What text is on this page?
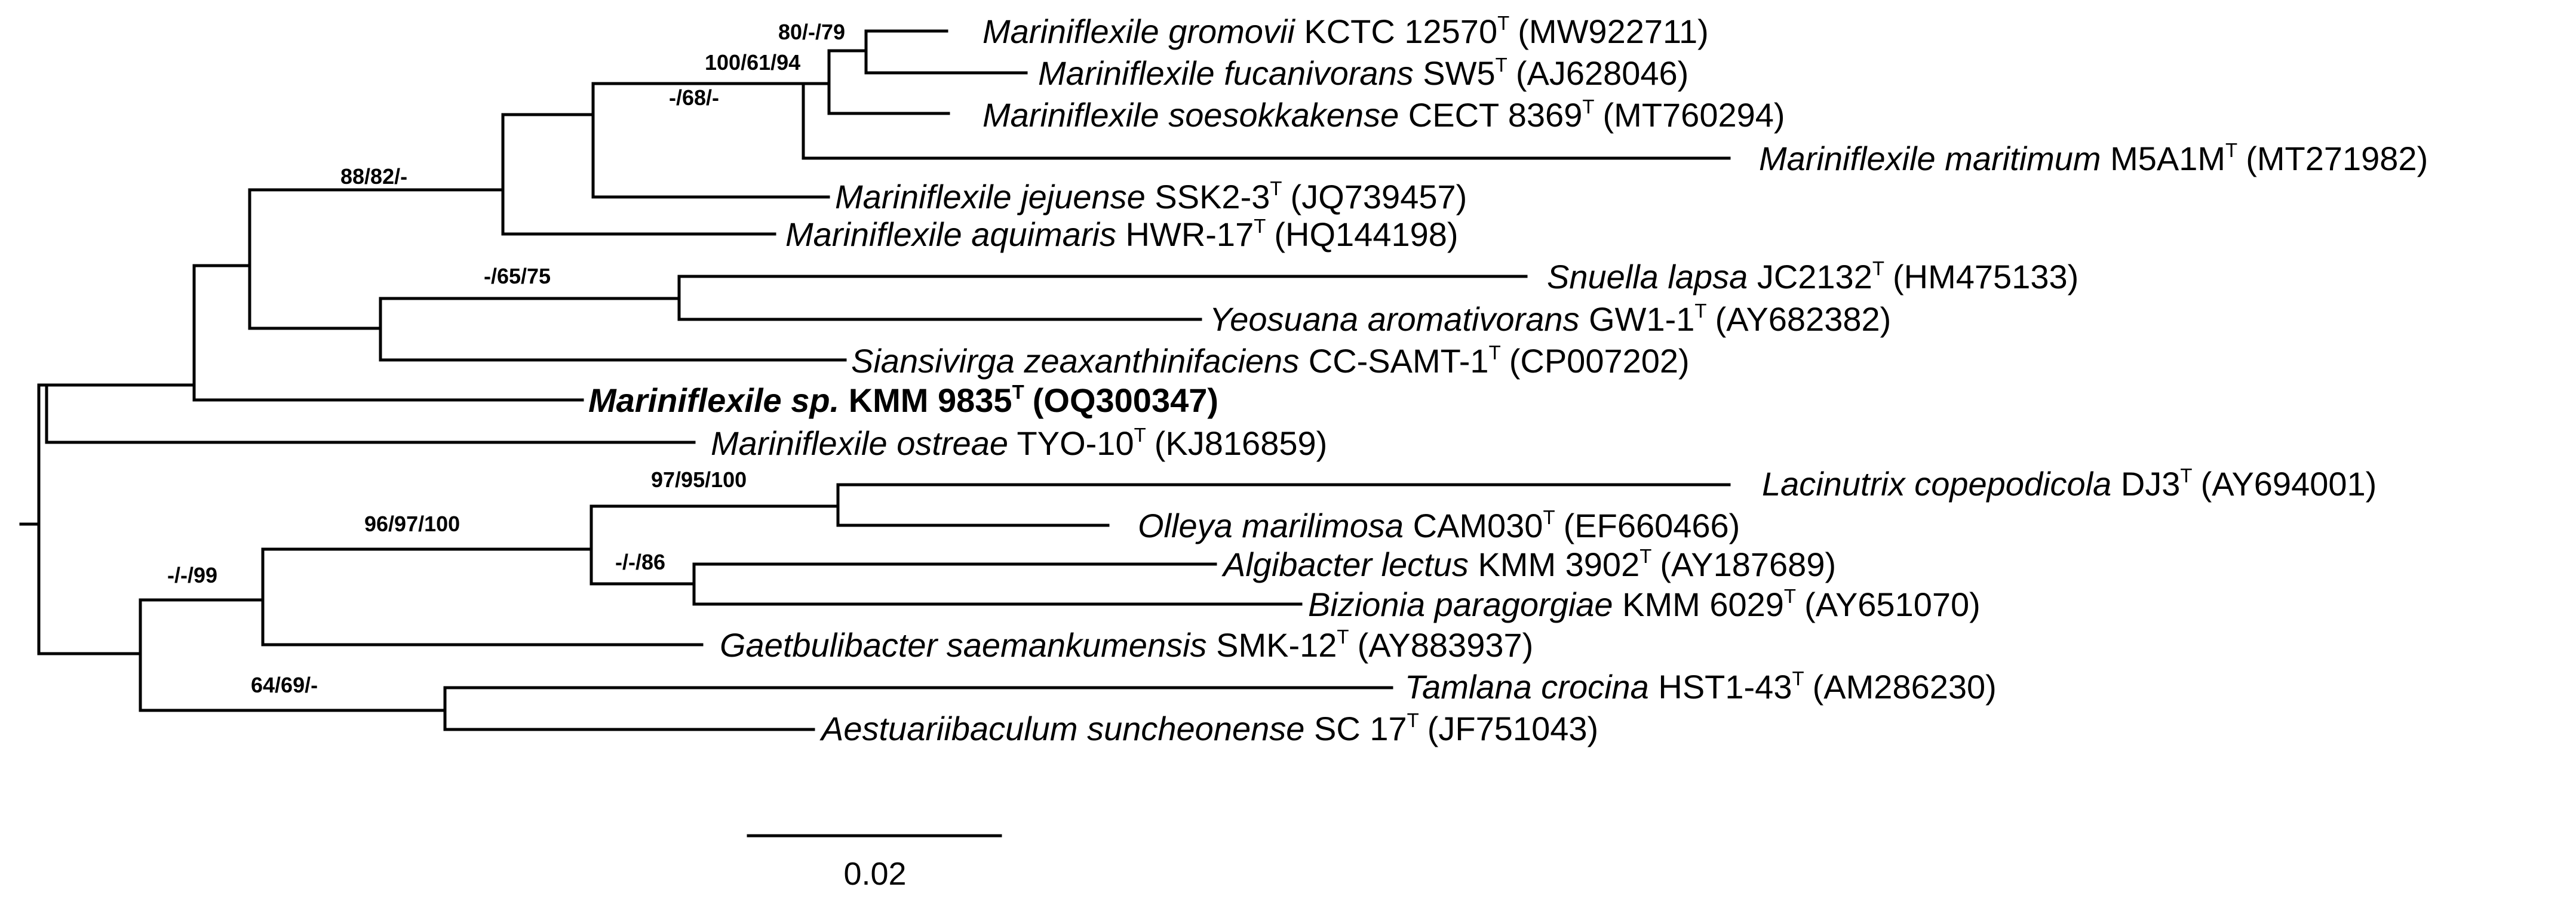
80/-/79
100/61/94
-/68/-
88/82/-
-/65/75
97/95/100
96/97/100
-/-/86
-/-/99
64/69/-
Mariniflexile gromovii KCTC $12570^T$ (MW922711)
Mariniflexile fucanivorans $SW5^T$ (AJ628046)
Mariniflexile soesokkakense CECT $8369^T$ (MT760294)
Mariniflexile maritimum $M5A1M^T$ (MT271982)
Mariniflexile jejuense $SSK2-3^T$ (JQ739457)
Mariniflexile aquimaris HWR-$17^T$ (HQ144198)
Snuella lapsa $JC2132^T$ (HM475133)
Yeosuana aromativorans $GW1-1^T$ (AY682382)
Siansivirga zeaxanthinifaciens $CC-SAMT-1^T$ (CP007202)
Mariniflexile sp. KMM $9835^T$ (OQ300347)
Mariniflexile ostreae TYO-$10^T$ (KJ816859)
Lacinutrix copepodicola $DJ3^T$ (AY694001)
Olleya marilimosa $CAM030^T$ (EF660466)
Algibacter lectus KMM $3902^T$ (AY187689)
Bizionia paragorgiae KMM $6029^T$ (AY651070)
Gaetbulibacter saemankumensis SMK-$12^T$ (AY883937)
Tamlana crocina $HST1-43^T$ (AM286230)
Aestuariibaculum suncheonense SC $17^T$ (JF751043)
0.02
